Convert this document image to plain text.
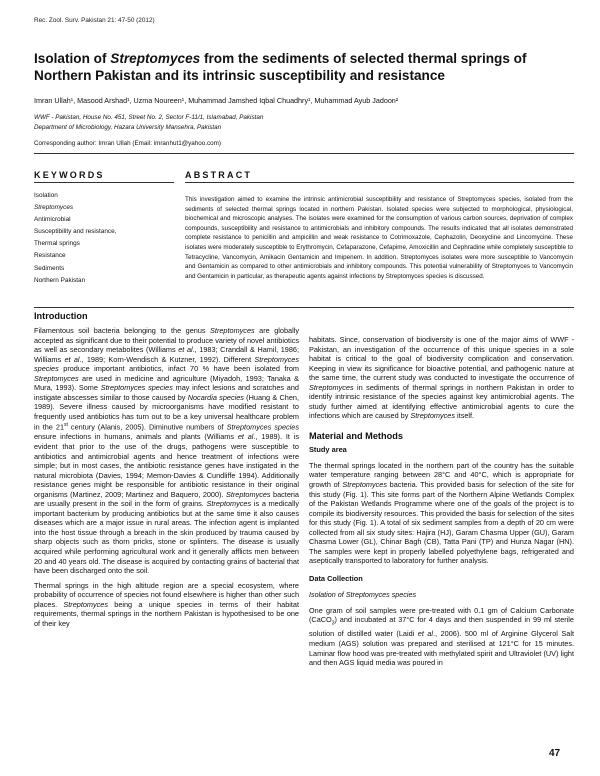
Rec. Zool. Surv. Pakistan 21: 47-50 (2012)
Isolation of Streptomyces from the sediments of selected thermal springs of
Northern Pakistan and its intrinsic susceptibility and resistance
Imran Ullah¹, Masood Arshad¹, Uzma Noureen¹, Muhammad Jamshed Iqbal Chuadhry¹, Muhammad Ayub Jadoon²
WWF - Pakistan, House No. 451, Street No. 2, Sector F-11/1, Islamabad, Pakistan
Department of Microbiology, Hazara University Mansehra, Pakistan
Corresponding author: Imran Ullah (Email: imranhut1@yahoo.com)
KEYWORDS	ABSTRACT
Isolation
Streptomyces
Antimicrobial
Susceptibility and resistance,
Thermal springs
Resistance
Sediments
Northern Pakistan
This investigation aimed to examine the intrinsic antimicrobial susceptibility and resistance of Streptomyces species, isolated from the sediments of selected thermal springs located in northern Pakistan. Isolated species were subjected to morphological, physiological, biochemical and microscopic analyses. The isolates were examined for the consumption of various carbon sources, deprivation of complex compounds, susceptibility and resistance to antimicrobials and inhibitory compounds. The results indicated that all isolates demonstrated complete resistance to penicillin and ampicillin and weak resistance to Cotrimoxazole, Cephazolin, Deoxycline and Lincomycine. These isolates were moderately susceptible to Erythromycin, Cefaparazone, Cefapime, Amoxicillin and Cephradine while completely susceptible to Tetracycline, Vancomycin, Amikacin Gentamicin and Imipenem. In addition, Streptomyces isolates were more susceptible to Vancomycin and Gentamicin as compared to other antimicrobials and inhibitory compounds. This potential vulnerability of Streptomyces to Vancomycin and Gentamicin in particular, as therapeutic agents against infections by Streptomyces species is discussed.
Introduction

Filamentous soil bacteria belonging to the genus Streptomyces are globally accepted as significant due to their potential to produce variety of novel antibiotics as well as secondary metabolites (Williams et al., 1983; Crandall & Hamil, 1986; Williams et al., 1989; Korn-Wendisch & Kutzner, 1992). Different Streptomyces species produce important antibiotics, infact 70 % have been isolated from Streptomyces are used in medicine and agriculture (Miyadoh, 1993; Tanaka & Mura, 1993). Some Streptomyces species may infect lesions and scratches and instigate abscesses similar to those caused by Nocardia species (Huang & Chen, 1989). Severe illness caused by microorganisms have modified resistant to frequently used antibiotics has turn out to be a key universal healthcare problem in the 21st century (Alanis, 2005). Diminutive numbers of Streptomyces species ensure infections in humans, animals and plants (Williams et al., 1989). It is evident that prior to the use of the drugs, pathogens were susceptible to antibiotics and antimicrobial agents and hence treatment of infections were simple; but in most cases, the antibiotic resistance genes have instigated in the natural microbiota (Davies, 1994; Memon-Davies & Cundliffe 1994). Additionally resistance genes might be responsible for antibiotic resistance in their original organisms (Martinez, 2009; Martinez and Baquero, 2000). Streptomyces bacteria are usually present in the soil in the form of grains. Streptomyces is a medically important bacterium by producing antibiotics but at the same time it also causes diseases which are a major issue in rural areas. The infection agent is implanted into the host tissue through a breach in the skin produced by trauma caused by sharp objects such as thorn pricks, stone or splinters. The disease is usually acquired while performing agricultural work and it generally afflicts men between 20 and 40 years old. The disease is acquired by contacting grains of bacterial that have been discharged onto the soil.

Thermal springs in the high altitude region are a special ecosystem, where probability of occurrence of species not found elsewhere is higher than other such places. Streptomyces being a unique species in terms of their habitat requirements, thermal springs in the northern Pakistan is hypothesised to be one of their key

habitats. Since, conservation of biodiversity is one of the major aims of WWF - Pakistan, an investigation of the occurrence of this unique species in a sole habitat is critical to the goal of biodiversity complication and conservation. Keeping in view its significance for bioactive potential, and pathogenic nature at the same time, the current study was conducted to investigate the occurrence of Streptomyces in sediments of thermal springs in northern Pakistan in order to identify intrinsic resistance of the species against key antimicrobial agents. The study further aimed at identifying effective antimicrobial agents to cure the infections which are caused by Streptomyces itself.

Material and Methods
Study area

The thermal springs located in the northern part of the country has the suitable water temperature ranging between 28°C and 40°C, which is appropriate for growth of Streptomyces bacteria. This provided basis for selection of the site for this study (Fig. 1). This site forms part of the Northern Alpine Wetlands Complex of the Pakistan Wetlands Programme where one of the goals of the project is to compile its biodiversity resources. This provided the basis for selection of the sites for this study (Fig. 1). A total of six sediment samples from a depth of 20 cm were collected from all six study sites: Hajira (HJ), Garam Chasma Upper (GU), Garam Chasma Lower (GL), Chinar Bagh (CB), Tatta Pani (TP) and Hunza Nagar (HN). The samples were kept in properly labelled polyethylene bags, refrigerated and aseptically transported to laboratory for further analysis.

Data Collection
Isolation of Streptomyces species

One gram of soil samples were pre-treated with 0.1 gm of Calcium Carbonate (CaCO$_3$) and incubated at 37°C for 4 days and then suspended in 99 ml sterile solution of distilled water (Laidi et al., 2006). 500 ml of Arginine Glycerol Salt medium (AGS) solution was prepared and sterilised at 121°C for 15 minutes. Laminar flow hood was pre-treated with methylated spirit and Ultraviolet (UV) light and then AGS liquid media was poured in

47
